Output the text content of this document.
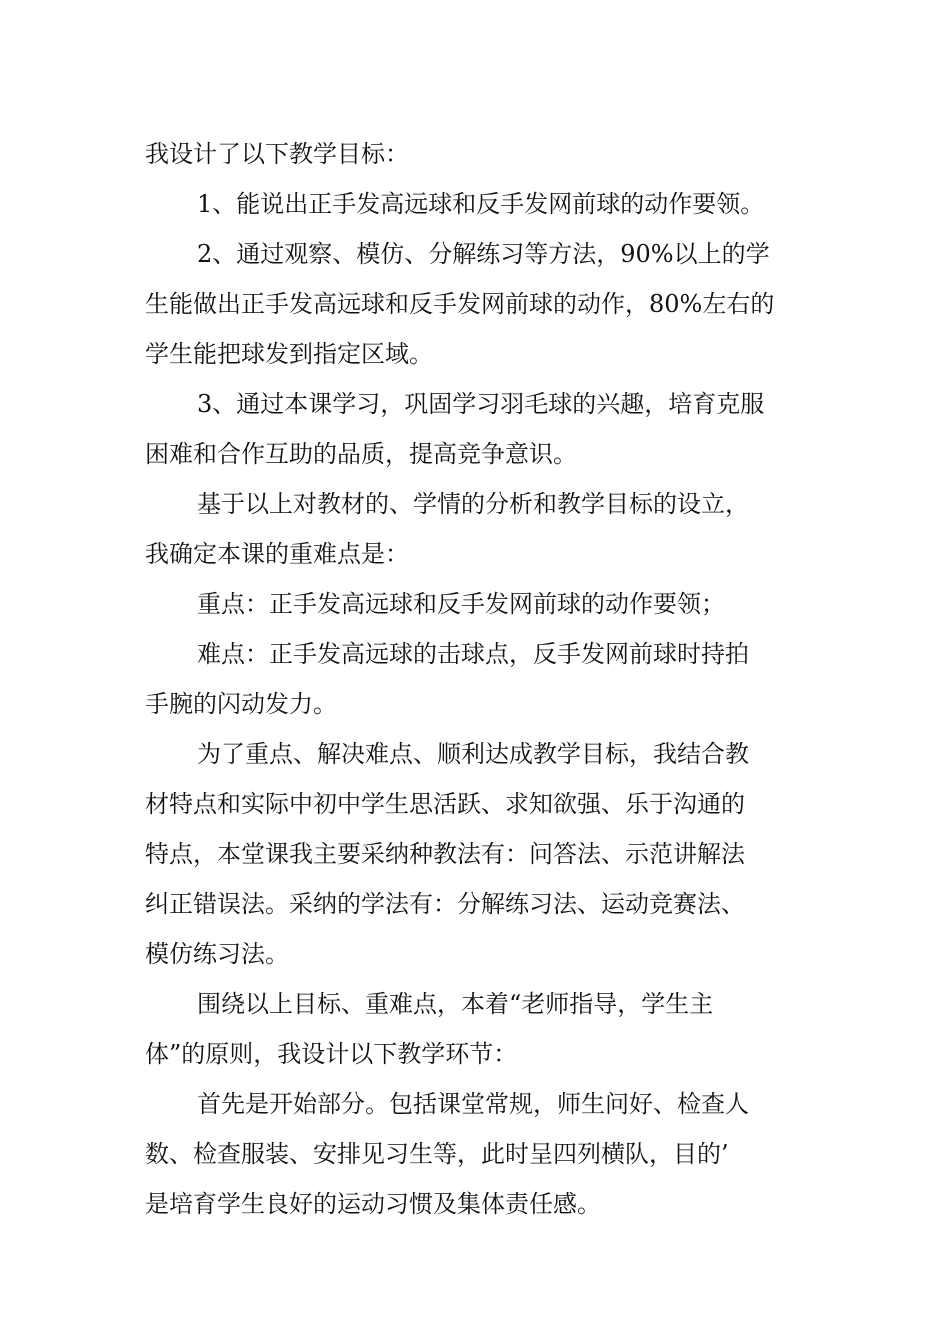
我设计了以下教学目标：
1、能说出正手发高远球和反手发网前球的动作要领。
2、通过观察、模仿、分解练习等方法，90%以上的学
生能做出正手发高远球和反手发网前球的动作，80%左右的
学生能把球发到指定区域。
3、通过本课学习，巩固学习羽毛球的兴趣，培育克服
困难和合作互助的品质，提高竞争意识。
基于以上对教材的、学情的分析和教学目标的设立，
我确定本课的重难点是：
重点：正手发高远球和反手发网前球的动作要领；
难点：正手发高远球的击球点，反手发网前球时持拍
手腕的闪动发力。
为了重点、解决难点、顺利达成教学目标，我结合教
材特点和实际中初中学生思活跃、求知欲强、乐于沟通的
特点，本堂课我主要采纳种教法有：问答法、示范讲解法
纠正错误法。采纳的学法有：分解练习法、运动竞赛法、
模仿练习法。
围绕以上目标、重难点，本着“老师指导，学生主
体”的原则，我设计以下教学环节：
首先是开始部分。包括课堂常规，师生问好、检查人
数、检查服装、安排见习生等，此时呈四列横队，目的’
是培育学生良好的运动习惯及集体责任感。
